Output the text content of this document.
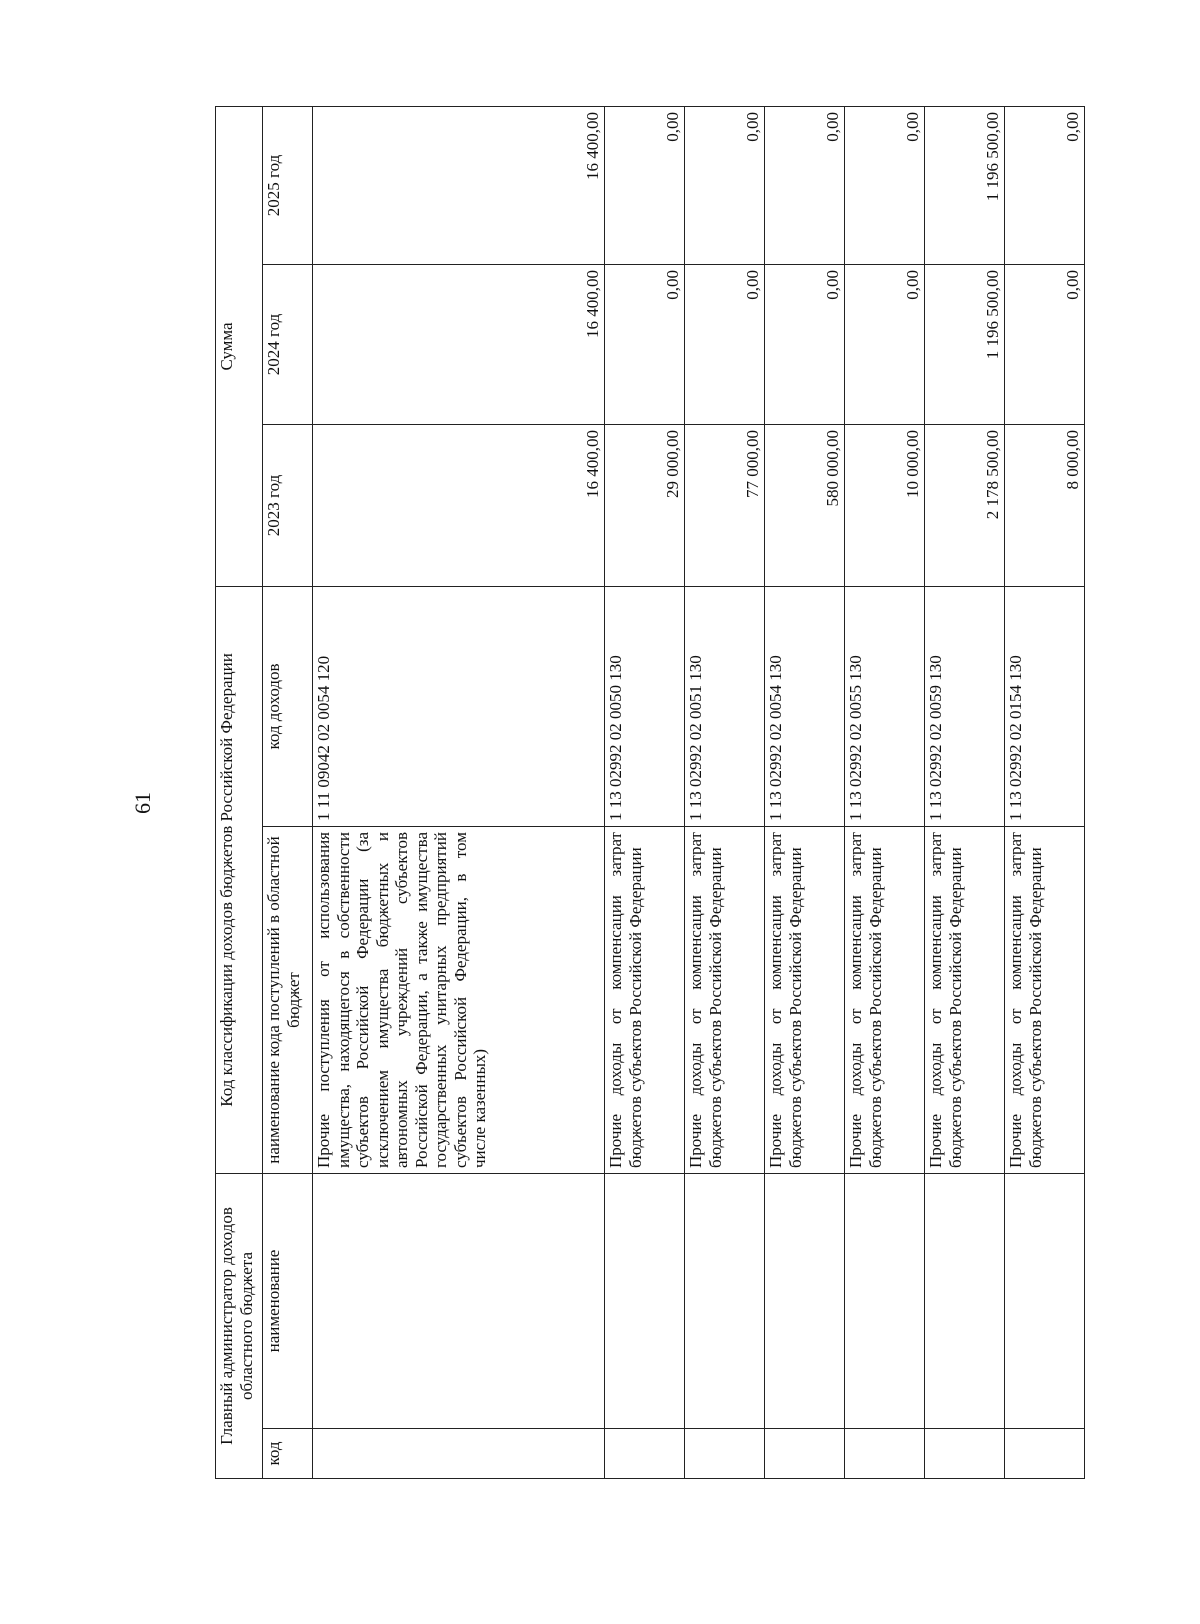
61
Главный администратор доходов областного бюджета		Код классификации доходов бюджетов Российской Федерации		Сумма		
код	наименование	наименование кода поступлений в областной бюджет	код доходов	2023 год	2024 год	2025 год
		Прочие поступления от использования имущества, находящегося в собственности субъектов Российской Федерации (за исключением имущества бюджетных и автономных учреждений субъектов Российской Федерации, а также имущества государственных унитарных предприятий субъектов Российской Федерации, в том числе казенных)	1 11 09042 02 0054 120	16 400,00	16 400,00	16 400,00
		Прочие доходы от компенсации затрат бюджетов субъектов Российской Федерации	1 13 02992 02 0050 130	29 000,00	0,00	0,00
		Прочие доходы от компенсации затрат бюджетов субъектов Российской Федерации	1 13 02992 02 0051 130	77 000,00	0,00	0,00
		Прочие доходы от компенсации затрат бюджетов субъектов Российской Федерации	1 13 02992 02 0054 130	580 000,00	0,00	0,00
		Прочие доходы от компенсации затрат бюджетов субъектов Российской Федерации	1 13 02992 02 0055 130	10 000,00	0,00	0,00
		Прочие доходы от компенсации затрат бюджетов субъектов Российской Федерации	1 13 02992 02 0059 130	2 178 500,00	1 196 500,00	1 196 500,00
		Прочие доходы от компенсации затрат бюджетов субъектов Российской Федерации	1 13 02992 02 0154 130	8 000,00	0,00	0,00
